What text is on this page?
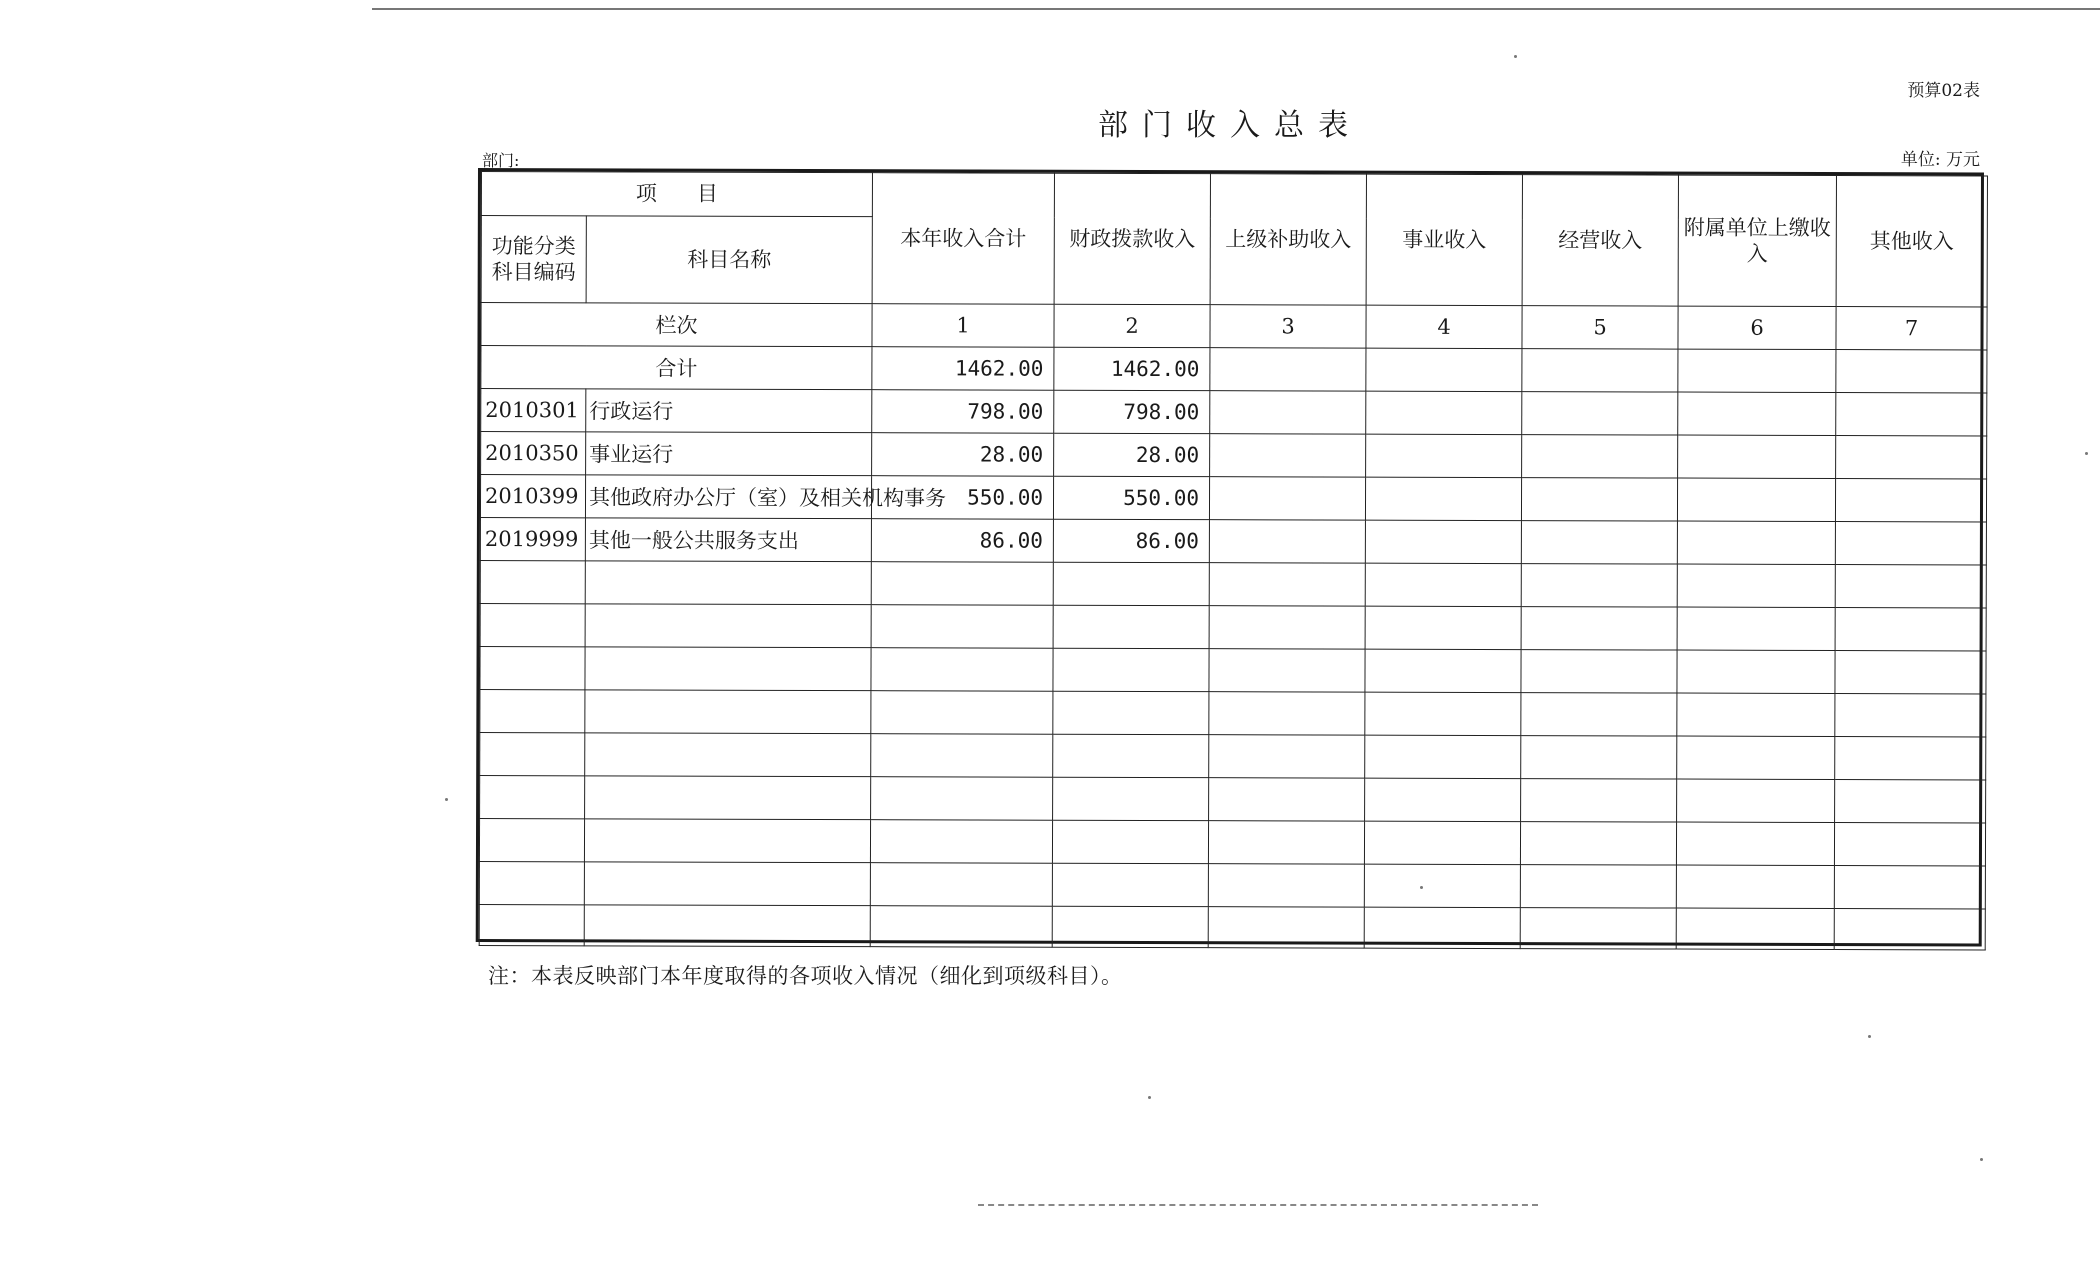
预算02表
部门收入总表
部门:	单位: 万元
项目		本年收入合计	财政拨款收入	上级补助收入	事业收入	经营收入	附属单位上缴收入	其他收入
功能分类科目编码	科目名称							
栏次		1	2	3	4	5	6	7
合计		1462.00	1462.00					
2010301	行政运行	798.00	798.00					
2010350	事业运行	28.00	28.00					
2010399	其他政府办公厅（室）及相关机构事务	550.00	550.00					
2019999	其他一般公共服务支出	86.00	86.00					

注：本表反映部门本年度取得的各项收入情况（细化到项级科目）。
